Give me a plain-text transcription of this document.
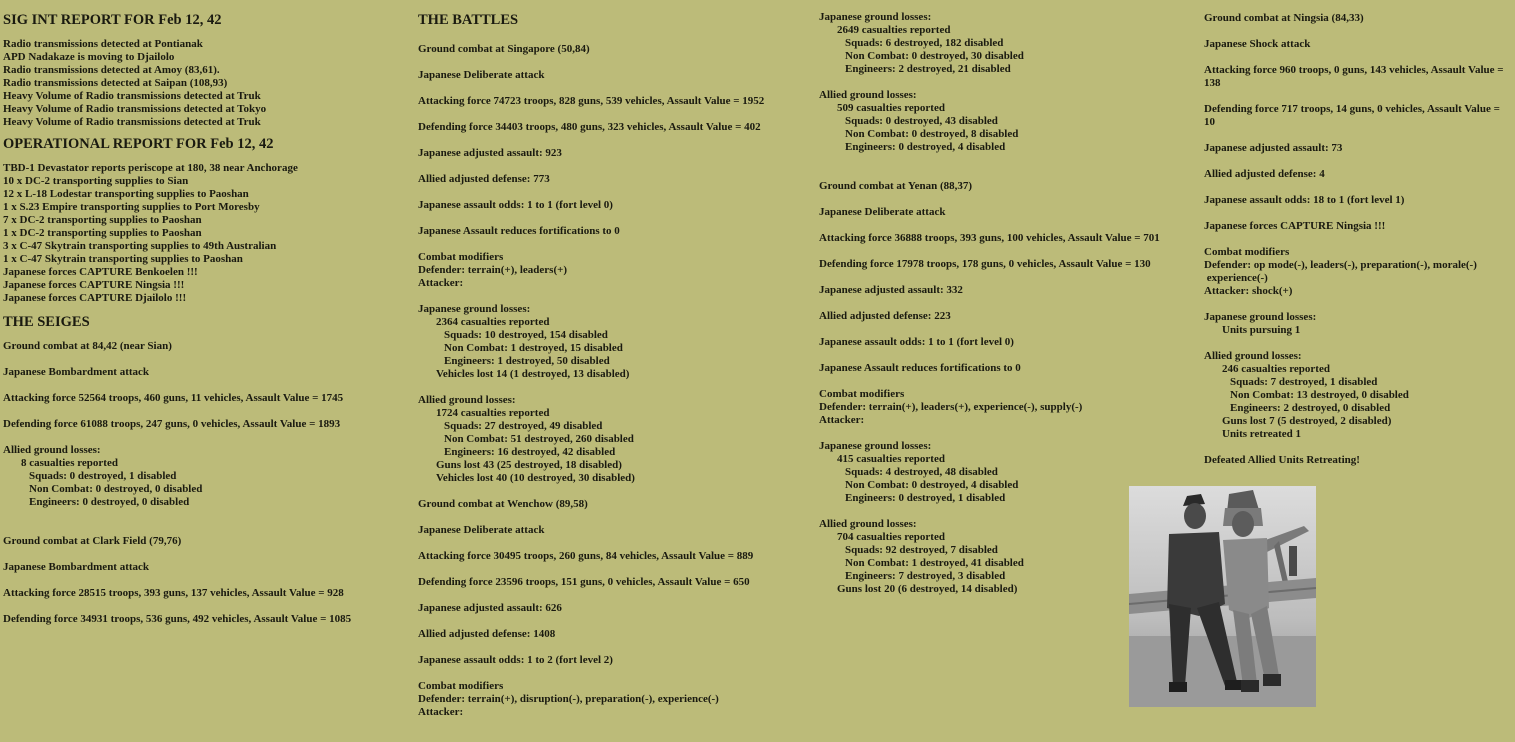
SIG INT REPORT FOR Feb 12, 42
Radio transmissions detected at Pontianak
APD Nadakaze is moving to Djailolo
Radio transmissions detected at Amoy (83,61).
Radio transmissions detected at Saipan (108,93)
Heavy Volume of Radio transmissions detected at Truk
Heavy Volume of Radio transmissions detected at Tokyo
Heavy Volume of Radio transmissions detected at Truk
OPERATIONAL REPORT FOR Feb 12, 42
TBD-1 Devastator reports periscope at 180, 38 near Anchorage
10 x DC-2 transporting supplies to Sian
12 x L-18 Lodestar transporting supplies to Paoshan
1 x S.23 Empire transporting supplies to Port Moresby
7 x DC-2 transporting supplies to Paoshan
1 x DC-2 transporting supplies to Paoshan
3 x C-47 Skytrain transporting supplies to 49th Australian
1 x C-47 Skytrain transporting supplies to Paoshan
Japanese forces CAPTURE Benkoelen !!!
Japanese forces CAPTURE Ningsia !!!
Japanese forces CAPTURE Djailolo !!!
THE SEIGES
Ground combat at 84,42 (near Sian)
Japanese Bombardment attack
Attacking force 52564 troops, 460 guns, 11 vehicles, Assault Value = 1745
Defending force 61088 troops, 247 guns, 0 vehicles, Assault Value = 1893
Allied ground losses:
8 casualties reported
Squads: 0 destroyed, 1 disabled
Non Combat: 0 destroyed, 0 disabled
Engineers: 0 destroyed, 0 disabled
Ground combat at Clark Field (79,76)
Japanese Bombardment attack
Attacking force 28515 troops, 393 guns, 137 vehicles, Assault Value = 928
Defending force 34931 troops, 536 guns, 492 vehicles, Assault Value = 1085
THE BATTLES
Ground combat at Singapore (50,84)
Japanese Deliberate attack
Attacking force 74723 troops, 828 guns, 539 vehicles, Assault Value = 1952
Defending force 34403 troops, 480 guns, 323 vehicles, Assault Value = 402
Japanese adjusted assault: 923
Allied adjusted defense: 773
Japanese assault odds: 1 to 1 (fort level 0)
Japanese Assault reduces fortifications to 0
Combat modifiers
Defender: terrain(+), leaders(+)
Attacker:
Japanese ground losses:
2364 casualties reported
Squads: 10 destroyed, 154 disabled
Non Combat: 1 destroyed, 15 disabled
Engineers: 1 destroyed, 50 disabled
Vehicles lost 14 (1 destroyed, 13 disabled)
Allied ground losses:
1724 casualties reported
Squads: 27 destroyed, 49 disabled
Non Combat: 51 destroyed, 260 disabled
Engineers: 16 destroyed, 42 disabled
Guns lost 43 (25 destroyed, 18 disabled)
Vehicles lost 40 (10 destroyed, 30 disabled)
Ground combat at Wenchow (89,58)
Japanese Deliberate attack
Attacking force 30495 troops, 260 guns, 84 vehicles, Assault Value = 889
Defending force 23596 troops, 151 guns, 0 vehicles, Assault Value = 650
Japanese adjusted assault: 626
Allied adjusted defense: 1408
Japanese assault odds: 1 to 2 (fort level 2)
Combat modifiers
Defender: terrain(+), disruption(-), preparation(-), experience(-)
Attacker:
Japanese ground losses:
2649 casualties reported
Squads: 6 destroyed, 182 disabled
Non Combat: 0 destroyed, 30 disabled
Engineers: 2 destroyed, 21 disabled
Allied ground losses:
509 casualties reported
Squads: 0 destroyed, 43 disabled
Non Combat: 0 destroyed, 8 disabled
Engineers: 0 destroyed, 4 disabled
Ground combat at Yenan (88,37)
Japanese Deliberate attack
Attacking force 36888 troops, 393 guns, 100 vehicles, Assault Value = 701
Defending force 17978 troops, 178 guns, 0 vehicles, Assault Value = 130
Japanese adjusted assault: 332
Allied adjusted defense: 223
Japanese assault odds: 1 to 1 (fort level 0)
Japanese Assault reduces fortifications to 0
Combat modifiers
Defender: terrain(+), leaders(+), experience(-), supply(-)
Attacker:
Japanese ground losses:
415 casualties reported
Squads: 4 destroyed, 48 disabled
Non Combat: 0 destroyed, 4 disabled
Engineers: 0 destroyed, 1 disabled
Allied ground losses:
704 casualties reported
Squads: 92 destroyed, 7 disabled
Non Combat: 1 destroyed, 41 disabled
Engineers: 7 destroyed, 3 disabled
Guns lost 20 (6 destroyed, 14 disabled)
Ground combat at Ningsia (84,33)
Japanese Shock attack
Attacking force 960 troops, 0 guns, 143 vehicles, Assault Value = 138
Defending force 717 troops, 14 guns, 0 vehicles, Assault Value = 10
Japanese adjusted assault: 73
Allied adjusted defense: 4
Japanese assault odds: 18 to 1 (fort level 1)
Japanese forces CAPTURE Ningsia !!!
Combat modifiers
Defender: op mode(-), leaders(-), preparation(-), morale(-)
experience(-)
Attacker: shock(+)
Japanese ground losses:
Units pursuing 1
Allied ground losses:
246 casualties reported
Squads: 7 destroyed, 1 disabled
Non Combat: 13 destroyed, 0 disabled
Engineers: 2 destroyed, 0 disabled
Guns lost 7 (5 destroyed, 2 disabled)
Units retreated 1
Defeated Allied Units Retreating!
